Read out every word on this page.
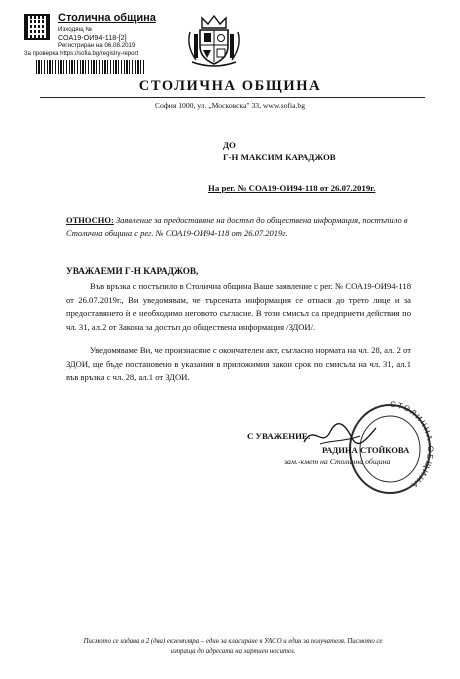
Столична община
Изходящ №
СОА19-ОИ94-118-[2]
Регистриран на 06.08.2019
За проверка https://sofia.bg/registry-report
СТОЛИЧНА ОБЩИНА
София 1000, ул. „Московска" 33, www.sofia.bg
ДО
Г-Н МАКСИМ КАРАДЖОВ
На рег. № СОА19-ОИ94-118 от 26.07.2019г.
ОТНОСНО: Заявление за предоставяне на достъп до обществена информация, постъпило в Столична община с рег. № СОА19-ОИ94-118 от 26.07.2019г.
УВАЖАЕМИ Г-Н КАРАДЖОВ,
Във връзка с постъпило в Столична община Ваше заявление с рег. № СОА19-ОИ94-118 от 26.07.2019г., Ви уведомявам, че търсената информация се отнася до трето лице и за предоставянето ѝ е необходимо неговото съгласие. В този смисъл са предприети действия по чл. 31, ал.2 от Закона за достъп до обществена информация /ЗДОИ/.
Уведомяваме Ви, че произнасяне с окончателен акт, съгласно нормата на чл. 28, ал. 2 от ЗДОИ, ще бъде постановено в указания в приложимия закон срок по смисъла на чл. 31, ал.1 във връзка с чл. 28, ал.1 от ЗДОИ.
СТОЛИЧНА ОБЩИНА
С УВАЖЕНИЕ:
РАДИНА СТОЙКОВА
зам.-кмет на Столична община
Писмото се издава в 2 (два) екземпляра – един за класиране в УАСО и един за получателя. Писмото се изпраща до адресата на хартиен носител.
